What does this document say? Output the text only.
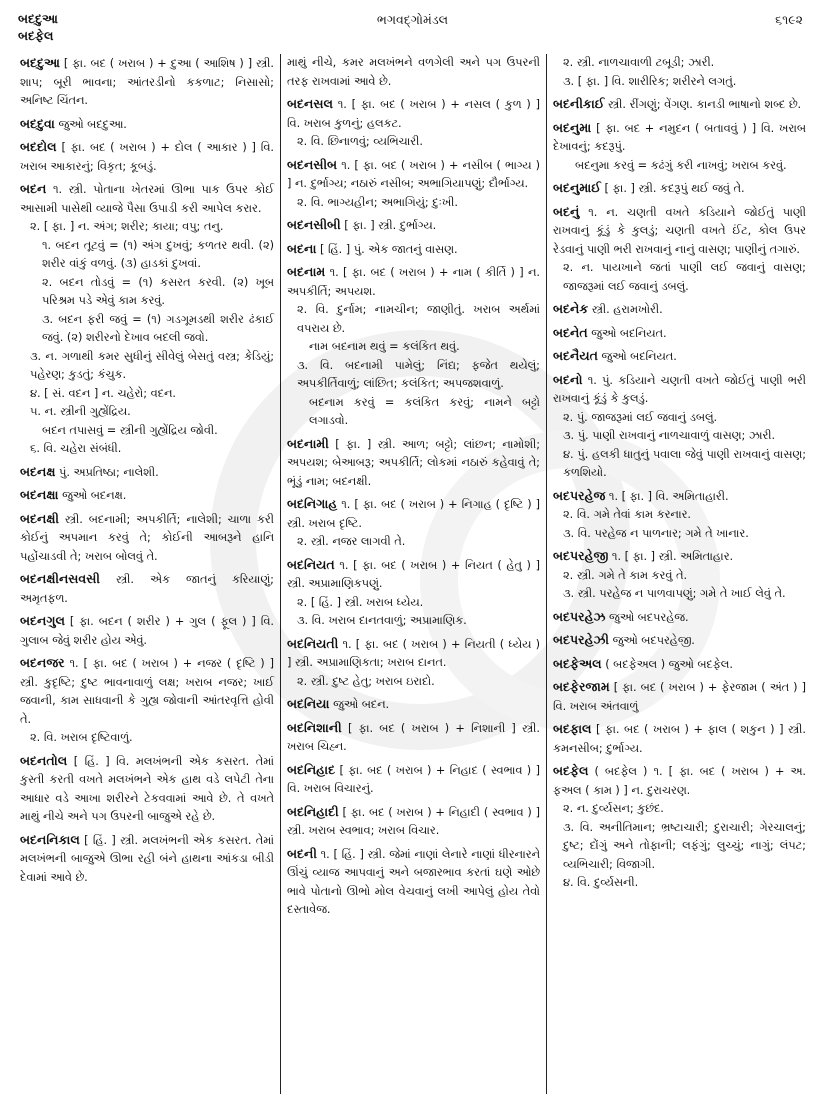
બદદુઆ
બદફેલ
ભગવદ્ગોમંડલ	૬૧૯૨
બદદુઆ [ ફા. બદ ( ખરાબ ) + દુઆ ( આશિષ ) ] સ્ત્રી. શાપ; બૂરી ભાવના; આંતરડીનો કકળાટ; નિસાસો; અનિષ્ટ ચિંતન.
બદદુવા જુઓ બદદુઆ.
બદદોલ [ ફા. બદ ( ખરાબ ) + દોલ ( આકાર ) ] વિ. ખરાબ આકારનું; વિકૃત; કૂબડું.
બદન ૧. સ્ત્રી. પોતાના ખેતરમાં ઊભા પાક ઉપર કોઈ આસામી પાસેથી વ્યાજે પૈસા ઉપાડી કરી આપેલ કરાર.
૨. [ ફા. ] ન. અંગ; શરીર; કાયા; વપુ; તનુ.
૧. બદન તૂટવું = (૧) અંગ દુખવું; કળતર થવી. (૨) શરીર વાંકું વળવું. (૩) હાડકાં દુખવાં.
૨. બદન તોડવું = (૧) કસરત કરવી. (૨) ખૂબ પરિશ્રમ પડે એવું કામ કરવું.
૩. બદન ફરી જવું = (૧) ગડગૂમડથી શરીર ઢંકાઈ જવું. (૨) શરીરનો દેખાવ બદલી જવો.
૩. ન. ગળાથી કમર સુધીનું સીવેલું બેસતું વસ્ત્ર; કેડિયું; પહેરણ; કુડતું; કંચુક.
૪. [ સં. વદન ] ન. ચહેરો; વદન.
૫. ન. સ્ત્રીની ગુહ્યેંદ્રિય.
બદન તપાસવું = સ્ત્રીની ગુહ્યેંદ્રિય જોવી.
૬. વિ. ચહેરા સંબંધી.
બદનક્ષ પું. અપ્રતિષ્ઠા; નાલેશી.
બદનક્ષા જુઓ બદનક્ષ.
બદનક્ષી સ્ત્રી. બદનામી; અપકીર્તિ; નાલેશી; ચાળા કરી કોઈનું અપમાન કરવું તે; કોઈની આબરૂને હાનિ પહોંચાડવી તે; ખરાબ બોલવું તે.
બદનક્ષીનસવસી સ્ત્રી. એક જાતનું કરિયાણું; અમૃતફળ.
બદનગુલ [ ફા. બદન ( શરીર ) + ગુલ ( ફૂલ ) ] વિ. ગુલાબ જેવું શરીર હોય એવું.
બદનજર ૧. [ ફા. બદ ( ખરાબ ) + નજર ( દૃષ્ટિ ) ] સ્ત્રી. કુદૃષ્ટિ; દુષ્ટ ભાવનાવાળું લક્ષ; ખરાબ નજર; ખાઈ જવાની, કામ સાધવાની કે ગુહ્ય જોવાની આંતરવૃત્તિ હોવી તે.
૨. વિ. ખરાબ દૃષ્ટિવાળું.
બદનતોલ [ હિં. ] વિ. મલખંભની એક કસરત. તેમાં કુસ્તી કરતી વખતે મલખંભને એક હાથ વડે લપેટી તેના આધાર વડે આખા શરીરને ટેકવવામાં આવે છે. તે વખતે માથું નીચે અને પગ ઉપરની બાજુએ રહે છે.
બદનનિકાલ [ હિં. ] સ્ત્રી. મલખંભની એક કસરત. તેમાં મલખંભની બાજુએ ઊભા રહી બંને હાથના આંકડા બીડી દેવામાં આવે છે.
માથું નીચે, કમર મલખંભને વળગેલી અને પગ ઉપરની તરફ રાખવામાં આવે છે.
બદનસલ ૧. [ ફા. બદ ( ખરાબ ) + નસલ ( કુળ ) ] વિ. ખરાબ કુળનું; હલકટ.
૨. વિ. છિનાળવું; વ્યભિચારી.
બદનસીબ ૧. [ ફા. બદ ( ખરાબ ) + નસીબ ( ભાગ્ય ) ] ન. દુર્ભાગ્ય; નઠારું નસીબ; અભાગિયાપણું; દૌર્ભાગ્ય.
૨. વિ. ભાગ્યહીન; અભાગિયું; દુઃખી.
બદનસીબી [ ફા. ] સ્ત્રી. દુર્ભાગ્ય.
બદના [ હિં. ] પું. એક જાતનું વાસણ.
બદનામ ૧. [ ફા. બદ ( ખરાબ ) + નામ ( કીર્તિ ) ] ન. અપકીર્તિ; અપયશ.
૨. વિ. દુર્નામ; નામચીન; જાણીતું. ખરાબ અર્થમાં વપરાય છે.
નામ બદનામ થવું = કલંકિત થવું.
૩. વિ. બદનામી પામેલું; નિંદ્ય; ફજેત થયેલું; અપકીર્તિવાળું; લાંછિત; કલંકિત; અપજશવાળું.
બદનામ કરવું = કલંકિત કરવું; નામને બટ્ટો લગાડવો.
બદનામી [ ફા. ] સ્ત્રી. આળ; બટ્ટો; લાંછન; નામોશી; અપયશ; બેઆબરૂ; અપકીર્તિ; લોકમાં નઠારું કહેવાવું તે; ભૂંડું નામ; બદનક્ષી.
બદનિગાહ ૧. [ ફા. બદ ( ખરાબ ) + નિગાહ ( દૃષ્ટિ ) ] સ્ત્રી. ખરાબ દૃષ્ટિ.
૨. સ્ત્રી. નજર લાગવી તે.
બદનિયત ૧. [ ફા. બદ ( ખરાબ ) + નિયત ( હેતુ ) ] સ્ત્રી. અપ્રામાણિકપણું.
૨. [ હિં. ] સ્ત્રી. ખરાબ ધ્યેય.
૩. વિ. ખરાબ દાનતવાળું; અપ્રામાણિક.
બદનિયતી ૧. [ ફા. બદ ( ખરાબ ) + નિયતી ( ધ્યેય ) ] સ્ત્રી. અપ્રામાણિકતા; ખરાબ દાનત.
૨. સ્ત્રી. દુષ્ટ હેતુ; ખરાબ ઇરાદો.
બદનિયા જુઓ બદન.
બદનિશાની [ ફા. બદ ( ખરાબ ) + નિશાની ] સ્ત્રી. ખરાબ ચિહ્ન.
બદનિહાદ [ ફા. બદ ( ખરાબ ) + નિહાદ ( સ્વભાવ ) ] વિ. ખરાબ વિચારનું.
બદનિહાદી [ ફા. બદ ( ખરાબ ) + નિહાદી ( સ્વભાવ ) ] સ્ત્રી. ખરાબ સ્વભાવ; ખરાબ વિચાર.
બદની ૧. [ હિં. ] સ્ત્રી. જેમાં નાણાં લેનારે નાણાં ધીરનારને ઊંચું વ્યાજ આપવાનું અને બજારભાવ કરતાં ઘણે ઓછે ભાવે પોતાનો ઊભો મોલ વેચવાનું લખી આપેલું હોય તેવો દસ્તાવેજ.
૨. સ્ત્રી. નાળચાવાળી ટબૂડી; ઝારી.
૩. [ ફા. ] વિ. શારીરિક; શરીરને લગતું.
બદનીકાઈ સ્ત્રી. રીંગણું; વેંગણ. કાનડી ભાષાનો શબ્દ છે.
બદનુમા [ ફા. બદ + નમુદન ( બતાવવું ) ] વિ. ખરાબ દેખાવનું; કદરૂપું.
બદનુમા કરવું = કઢંગું કરી નાખવું; ખરાબ કરવું.
બદનુમાઈ [ ફા. ] સ્ત્રી. કદરૂપું થઈ જવું તે.
બદનું ૧. ન. ચણતી વખતે કડિયાને જોઈતું પાણી રાખવાનું કૂંડું કે કુલડું; ચણતી વખતે ઈંટ, કોલ ઉપર રેડવાનું પાણી ભરી રાખવાનું નાનું વાસણ; પાણીનું તગારું.
૨. ન. પાયખાને જતાં પાણી લઈ જવાનું વાસણ; જાજરૂમાં લઈ જવાનું ડબલું.
બદનેક સ્ત્રી. હરામખોરી.
બદનેત જુઓ બદનિયત.
બદનૈયત જુઓ બદનિયત.
બદનો ૧. પું. કડિયાને ચણતી વખતે જોઈતું પાણી ભરી રાખવાનું કૂંડું કે કુલડું.
૨. પું. જાજરૂમાં લઈ જવાનું ડબલું.
૩. પું. પાણી રાખવાનું નાળચાવાળું વાસણ; ઝારી.
૪. પું. હલકી ધાતુનું પવાલા જેવું પાણી રાખવાનું વાસણ; કળશિયો.
બદપરહેજ ૧. [ ફા. ] વિ. અમિતાહારી.
૨. વિ. ગમે તેવાં કામ કરનાર.
૩. વિ. પરહેજ ન પાળનાર; ગમે તે ખાનાર.
બદપરહેજી ૧. [ ફા. ] સ્ત્રી. અમિતાહાર.
૨. સ્ત્રી. ગમે તે કામ કરવું તે.
૩. સ્ત્રી. પરહેજ ન પાળવાપણું; ગમે તે ખાઈ લેવું તે.
બદપરહેઝ જુઓ બદપરહેજ.
બદપરહેઝી જુઓ બદપરહેજી.
બદફેઅલ ( બદફેઅલ ) જુઓ બદફેલ.
બદફેરજામ [ ફા. બદ ( ખરાબ ) + ફેરજામ ( અંત ) ] વિ. ખરાબ અંતવાળું
બદફાલ [ ફા. બદ ( ખરાબ ) + ફાલ ( શકુન ) ] સ્ત્રી. કમનસીબ; દુર્ભાગ્ય.
બદફેલ ( બદફેલ ) ૧. [ ફા. બદ ( ખરાબ ) + અ. ફઅલ ( કામ ) ] ન. દુરાચરણ.
૨. ન. દુર્વ્યસન; કુછંદ.
૩. વિ. અનીતિમાન; ભ્રષ્ટાચારી; દુરાચારી; ગેરચાલનું; દુષ્ટ; દોંગું અને તોફાની; લફંગું; લુચ્ચું; નાગું; લંપટ; વ્યભિચારી; વિજાગી.
૪. વિ. દુર્વ્યસની.
